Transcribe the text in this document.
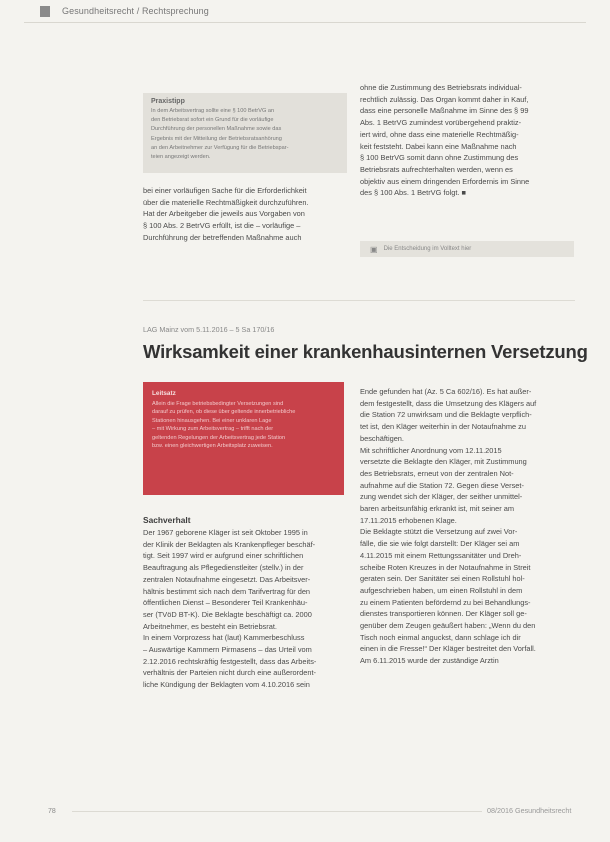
Gesundheitsrecht / Rechtsprechung
Praxistipp
In dem Arbeitsvertrag sollte eine § 100 BetrVG an
den Betriebsrat sofort ein Grund für die vorläufige
Durchführung der personellen Maßnahme sowie das
Ergebnis mit der Mitteilung der Betriebsratsanhörung
an den Arbeitnehmer zur Verfügung für die Betriebspar-
teien angezeigt werden.
bei einer vorläufigen Sache für die Erforderlichkeit
über die materielle Rechtmäßigkeit durchzuführen.
Hat der Arbeitgeber die jeweils aus Vorgaben von
§ 100 Abs. 2 BetrVG erfüllt, ist die – vorläufige –
Durchführung der betreffenden Maßnahme auch
ohne die Zustimmung des Betriebsrats individual-
rechtlich zulässig. Das Organ kommt daher in Kauf,
dass eine personelle Maßnahme im Sinne des § 99
Abs. 1 BetrVG zumindest vorübergehend praktiz-
iert wird, ohne dass eine materielle Rechtmäßig-
keit feststeht. Dabei kann eine Maßnahme nach
§ 100 BetrVG somit dann ohne Zustimmung des
Betriebsrats aufrechterhalten werden, wenn es
objektiv aus einem dringenden Erfordernis im Sinne
des § 100 Abs. 1 BetrVG folgt. ■
▣ Die Entscheidung im Volltext hier
LAG Mainz vom 5.11.2016 – 5 Sa 170/16
Wirksamkeit einer krankenhausinternen Versetzung
Leitsatz
Allein die Frage betriebsbedingter Versetzungen sind
darauf zu prüfen, ob diese über geltende innerbetriebliche
Stationen hinausgehen. Bei einer unklaren Lage
– mit Wirkung zum Arbeitsvertrag – trifft nach der
geltenden Regelungen der Arbeitsvertrag jede Station
bzw. einen gleichwertigen Arbeitsplatz zuweisen.
Sachverhalt
Der 1967 geborene Kläger ist seit Oktober 1995 in
der Klinik der Beklagten als Krankenpfleger beschäf-
tigt. Seit 1997 wird er aufgrund einer schriftlichen
Beauftragung als Pflegedienstleiter (stellv.) in der
zentralen Notaufnahme eingesetzt. Das Arbeitsver-
hältnis bestimmt sich nach dem Tarifvertrag für den
öffentlichen Dienst – Besonderer Teil Krankenhäu-
ser (TVöD BT-K). Die Beklagte beschäftigt ca. 2000
Arbeitnehmer, es besteht ein Betriebsrat.
In einem Vorprozess hat (laut) Kammerbeschluss
– Auswärtige Kammern Pirmasens – das Urteil vom
2.12.2016 rechtskräftig festgestellt, dass das Arbeits-
verhältnis der Parteien nicht durch eine außerordent-
liche Kündigung der Beklagten vom 4.10.2016 sein
Ende gefunden hat (Az. 5 Ca 602/16). Es hat außer-
dem festgestellt, dass die Umsetzung des Klägers auf
die Station 72 unwirksam und die Beklagte verpflich-
tet ist, den Kläger weiterhin in der Notaufnahme zu
beschäftigen.
Mit schriftlicher Anordnung vom 12.11.2015
versetzte die Beklagte den Kläger, mit Zustimmung
des Betriebsrats, erneut von der zentralen Not-
aufnahme auf die Station 72. Gegen diese Verset-
zung wendet sich der Kläger, der seither unmittel-
baren arbeitsunfähig erkrankt ist, mit seiner am
17.11.2015 erhobenen Klage.
Die Beklagte stützt die Versetzung auf zwei Vor-
fälle, die sie wie folgt darstellt: Der Kläger sei am
4.11.2015 mit einem Rettungssanitäter und Dreh-
scheibe Roten Kreuzes in der Notaufnahme in Streit
geraten sein. Der Sanitäter sei einen Rollstuhl hol-
aufgeschrieben haben, um einen Rollstuhl in dem
zu einem Patienten befördernd zu bei Behandlungs-
dienstes transportieren können. Der Kläger soll ge-
genüber dem Zeugen geäußert haben: „Wenn du den
Tisch noch einmal anguckst, dann schlage ich dir
einen in die Fresse!“ Der Kläger bestreitet den Vorfall.
Am 6.11.2015 wurde der zuständige Arztin
78	08/2016 Gesundheitsrecht
